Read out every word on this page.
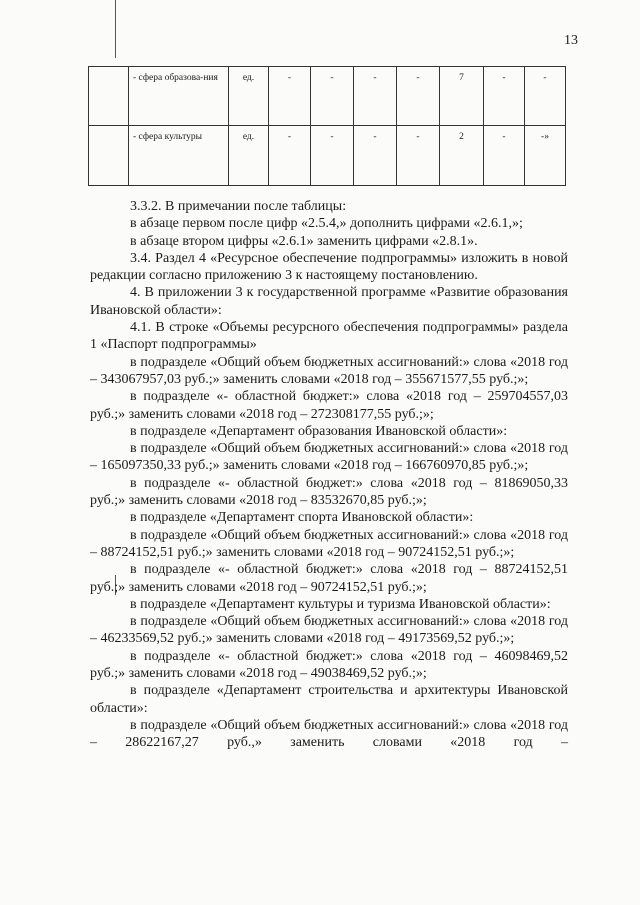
13
	- сфера образова-ния	ед.	-	-	-	-	7	-	-
	- сфера культуры	ед.	-	-	-	-	2	-	-»

3.3.2. В примечании после таблицы:

в абзаце первом после цифр «2.5.4,» дополнить цифрами «2.6.1,»;

в абзаце втором цифры «2.6.1» заменить цифрами «2.8.1».

3.4. Раздел 4 «Ресурсное обеспечение подпрограммы» изложить в новой редакции согласно приложению 3 к настоящему постановлению.

4. В приложении 3 к государственной программе «Развитие образования Ивановской области»:

4.1. В строке «Объемы ресурсного обеспечения подпрограммы» раздела 1 «Паспорт подпрограммы»

в подразделе «Общий объем бюджетных ассигнований:» слова «2018 год – 343067957,03 руб.;» заменить словами «2018 год – 355671577,55 руб.;»;

в подразделе «- областной бюджет:» слова «2018 год – 259704557,03 руб.;» заменить словами «2018 год – 272308177,55 руб.;»;

в подразделе «Департамент образования Ивановской области»:

в подразделе «Общий объем бюджетных ассигнований:» слова «2018 год – 165097350,33 руб.;» заменить словами «2018 год – 166760970,85 руб.;»;

в подразделе «- областной бюджет:» слова «2018 год – 81869050,33 руб.;» заменить словами «2018 год – 83532670,85 руб.;»;

в подразделе «Департамент спорта Ивановской области»:

в подразделе «Общий объем бюджетных ассигнований:» слова «2018 год – 88724152,51 руб.;» заменить словами «2018 год – 90724152,51 руб.;»;

в подразделе «- областной бюджет:» слова «2018 год – 88724152,51 руб.;» заменить словами «2018 год – 90724152,51 руб.;»;

в подразделе «Департамент культуры и туризма Ивановской области»:

в подразделе «Общий объем бюджетных ассигнований:» слова «2018 год – 46233569,52 руб.;» заменить словами «2018 год – 49173569,52 руб.;»;

в подразделе «- областной бюджет:» слова «2018 год – 46098469,52 руб.;» заменить словами «2018 год – 49038469,52 руб.;»;

в подразделе «Департамент строительства и архитектуры Ивановской области»:

в подразделе «Общий объем бюджетных ассигнований:» слова «2018 год – 28622167,27 руб.,» заменить словами «2018 год –
